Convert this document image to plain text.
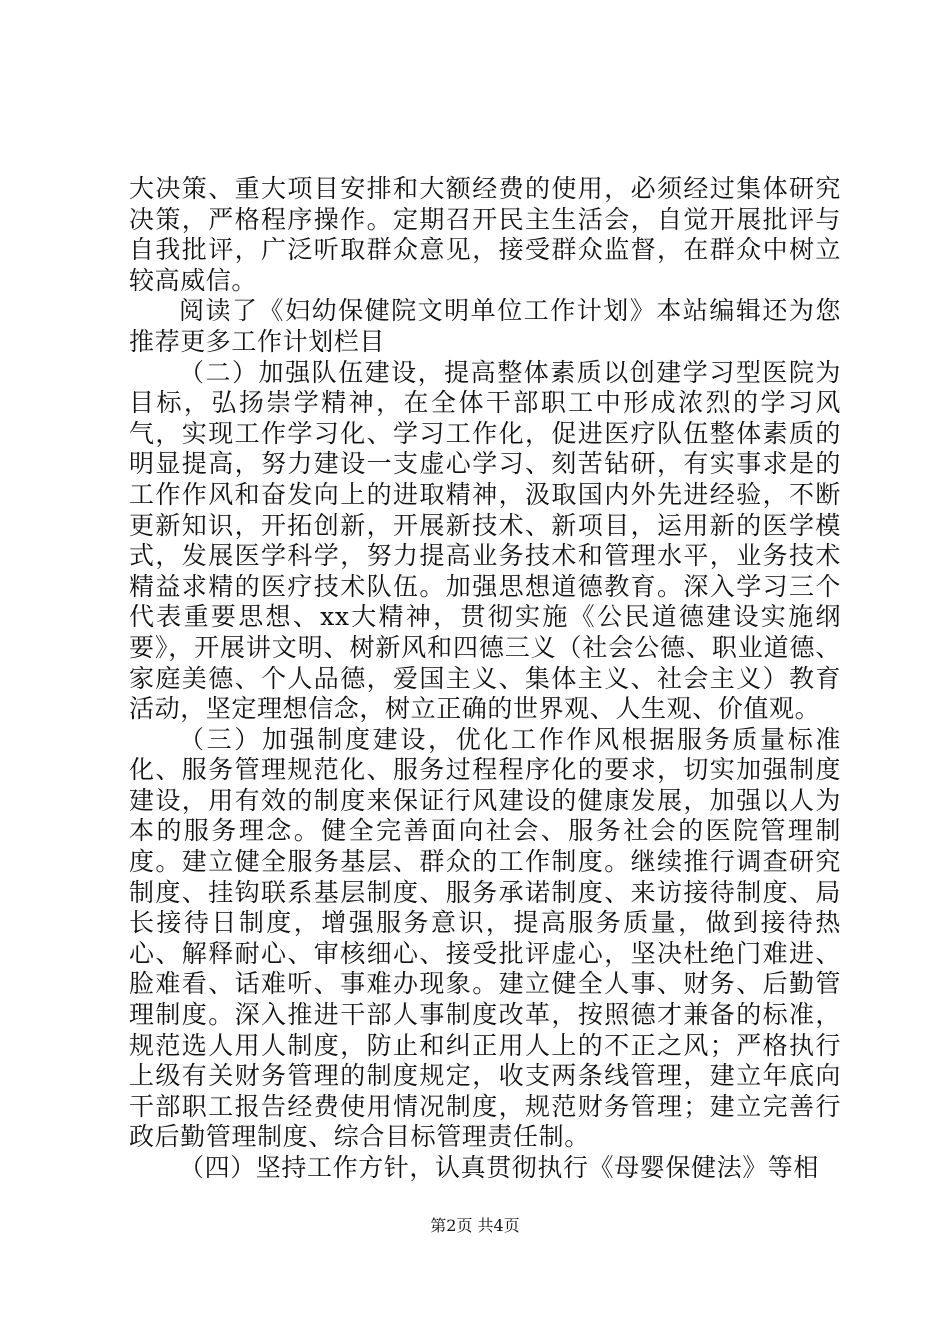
大决策、重大项目安排和大额经费的使用，必须经过集体研究决策，严格程序操作。定期召开民主生活会，自觉开展批评与自我批评，广泛听取群众意见，接受群众监督，在群众中树立较高威信。

阅读了《妇幼保健院文明单位工作计划》本站编辑还为您推荐更多工作计划栏目

（二）加强队伍建设，提高整体素质以创建学习型医院为目标，弘扬崇学精神，在全体干部职工中形成浓烈的学习风气，实现工作学习化、学习工作化，促进医疗队伍整体素质的明显提高，努力建设一支虚心学习、刻苦钻研，有实事求是的工作作风和奋发向上的进取精神，汲取国内外先进经验，不断更新知识，开拓创新，开展新技术、新项目，运用新的医学模式，发展医学科学，努力提高业务技术和管理水平，业务技术精益求精的医疗技术队伍。加强思想道德教育。深入学习三个代表重要思想、xx大精神，贯彻实施《公民道德建设实施纲要》，开展讲文明、树新风和四德三义（社会公德、职业道德、家庭美德、个人品德，爱国主义、集体主义、社会主义）教育活动，坚定理想信念，树立正确的世界观、人生观、价值观。

（三）加强制度建设，优化工作作风根据服务质量标准化、服务管理规范化、服务过程程序化的要求，切实加强制度建设，用有效的制度来保证行风建设的健康发展，加强以人为本的服务理念。健全完善面向社会、服务社会的医院管理制度。建立健全服务基层、群众的工作制度。继续推行调查研究制度、挂钩联系基层制度、服务承诺制度、来访接待制度、局长接待日制度，增强服务意识，提高服务质量，做到接待热心、解释耐心、审核细心、接受批评虚心，坚决杜绝门难进、脸难看、话难听、事难办现象。建立健全人事、财务、后勤管理制度。深入推进干部人事制度改革，按照德才兼备的标准，规范选人用人制度，防止和纠正用人上的不正之风；严格执行上级有关财务管理的制度规定，收支两条线管理，建立年底向干部职工报告经费使用情况制度，规范财务管理；建立完善行政后勤管理制度、综合目标管理责任制。

（四）坚持工作方针，认真贯彻执行《母婴保健法》等相

第2页 共4页
